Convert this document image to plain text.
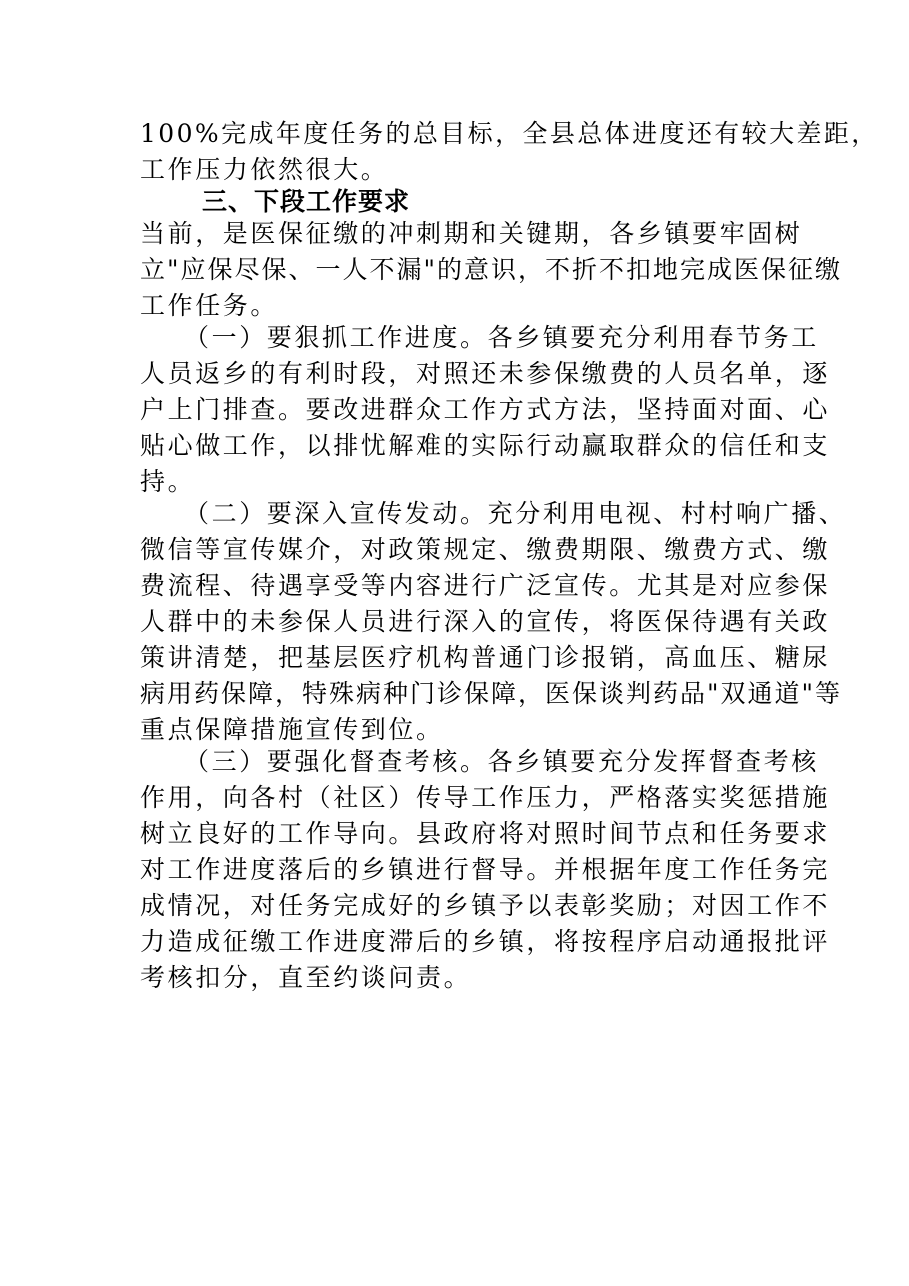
100%完成年度任务的总目标，全县总体进度还有较大差距，
工作压力依然很大。
三、下段工作要求
当前，是医保征缴的冲刺期和关键期，各乡镇要牢固树
立"应保尽保、一人不漏"的意识，不折不扣地完成医保征缴
工作任务。
（一）要狠抓工作进度。各乡镇要充分利用春节务工
人员返乡的有利时段，对照还未参保缴费的人员名单，逐
户上门排查。要改进群众工作方式方法，坚持面对面、心
贴心做工作，以排忧解难的实际行动赢取群众的信任和支
持。
（二）要深入宣传发动。充分利用电视、村村响广播、
微信等宣传媒介，对政策规定、缴费期限、缴费方式、缴
费流程、待遇享受等内容进行广泛宣传。尤其是对应参保
人群中的未参保人员进行深入的宣传，将医保待遇有关政
策讲清楚，把基层医疗机构普通门诊报销，高血压、糖尿
病用药保障，特殊病种门诊保障，医保谈判药品"双通道"等
重点保障措施宣传到位。
（三）要强化督查考核。各乡镇要充分发挥督查考核
作用，向各村（社区）传导工作压力，严格落实奖惩措施
树立良好的工作导向。县政府将对照时间节点和任务要求
对工作进度落后的乡镇进行督导。并根据年度工作任务完
成情况，对任务完成好的乡镇予以表彰奖励；对因工作不
力造成征缴工作进度滞后的乡镇，将按程序启动通报批评
考核扣分，直至约谈问责。
